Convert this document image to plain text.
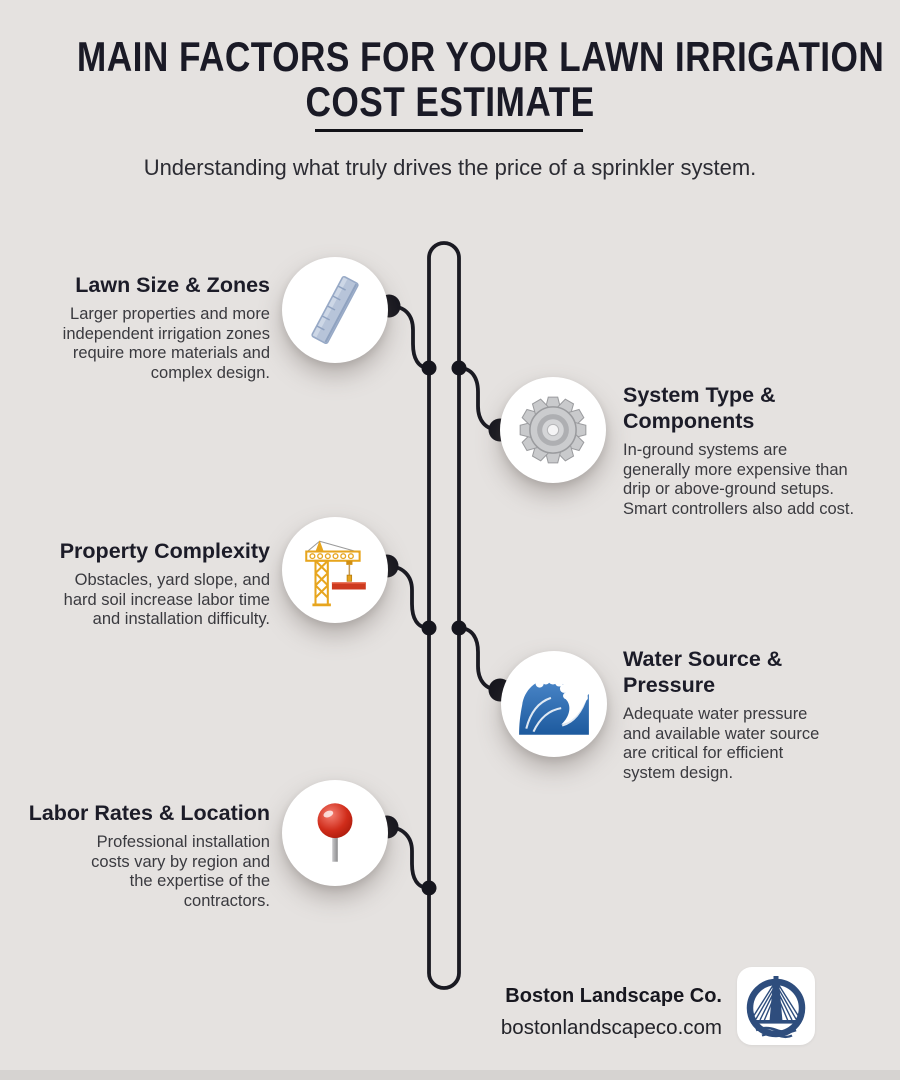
MAIN FACTORS FOR YOUR LAWN IRRIGATION
COST ESTIMATE
Understanding what truly drives the price of a sprinkler system.
Lawn Size & Zones
Larger properties and more independent irrigation zones require more materials and complex design.
System Type & Components
In-ground systems are generally more expensive than drip or above-ground setups. Smart controllers also add cost.
Property Complexity
Obstacles, yard slope, and hard soil increase labor time and installation difficulty.
Water Source & Pressure
Adequate water pressure and available water source are critical for efficient system design.
Labor Rates & Location
Professional installation costs vary by region and the expertise of the contractors.
Boston Landscape Co.
bostonlandscapeco.com
